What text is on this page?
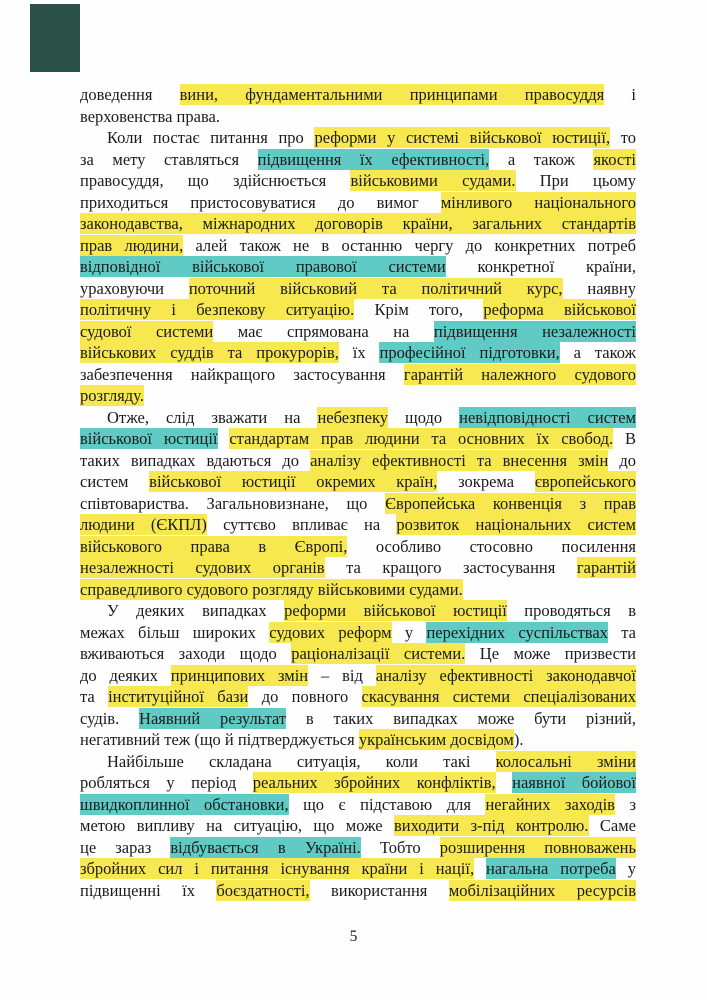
доведення вини, фундаментальними принципами правосуддя і
верховенства права.
Коли постає питання про реформи у системі військової юстиції, то
за мету ставляться підвищення їх ефективності, а також якості
правосуддя, що здійснюється військовими судами. При цьому
приходиться пристосовуватися до вимог мінливого національного
законодавства, міжнародних договорів країни, загальних стандартів
прав людини, алей також не в останню чергу до конкретних потреб
відповідної військової правової системи конкретної країни,
ураховуючи поточний військовий та політичний курс, наявну
політичну і безпекову ситуацію. Крім того, реформа військової
судової системи має спрямована на підвищення незалежності
військових суддів та прокурорів, їх професійної підготовки, а також
забезпечення найкращого застосування гарантій належного судового
розгляду.
Отже, слід зважати на небезпеку щодо невідповідності систем
військової юстиції стандартам прав людини та основних їх свобод. В
таких випадках вдаються до аналізу ефективності та внесення змін до
систем військової юстиції окремих країн, зокрема європейського
співтовариства. Загальновизнане, що Європейська конвенція з прав
людини (ЄКПЛ) суттєво впливає на розвиток національних систем
військового права в Європі, особливо стосовно посилення
незалежності судових органів та кращого застосування гарантій
справедливого судового розгляду військовими судами.
У деяких випадках реформи військової юстиції проводяться в
межах більш широких судових реформ у перехідних суспільствах та
вживаються заходи щодо раціоналізації системи. Це може призвести
до деяких принципових змін – від аналізу ефективності законодавчої
та інституційної бази до повного скасування системи спеціалізованих
судів. Наявний результат в таких випадках може бути різний,
негативний теж (що й підтверджується українським досвідом).
Найбільше складана ситуація, коли такі колосальні зміни
робляться у період реальних збройних конфліктів, наявної бойової
швидкоплинної обстановки, що є підставою для негайних заходів з
метою випливу на ситуацію, що може виходити з-під контролю. Саме
це зараз відбувається в Україні. Тобто розширення повноважень
збройних сил і питання існування країни і нації, нагальна потреба у
підвищенні їх боєздатності, використання мобілізаційних ресурсів
5
